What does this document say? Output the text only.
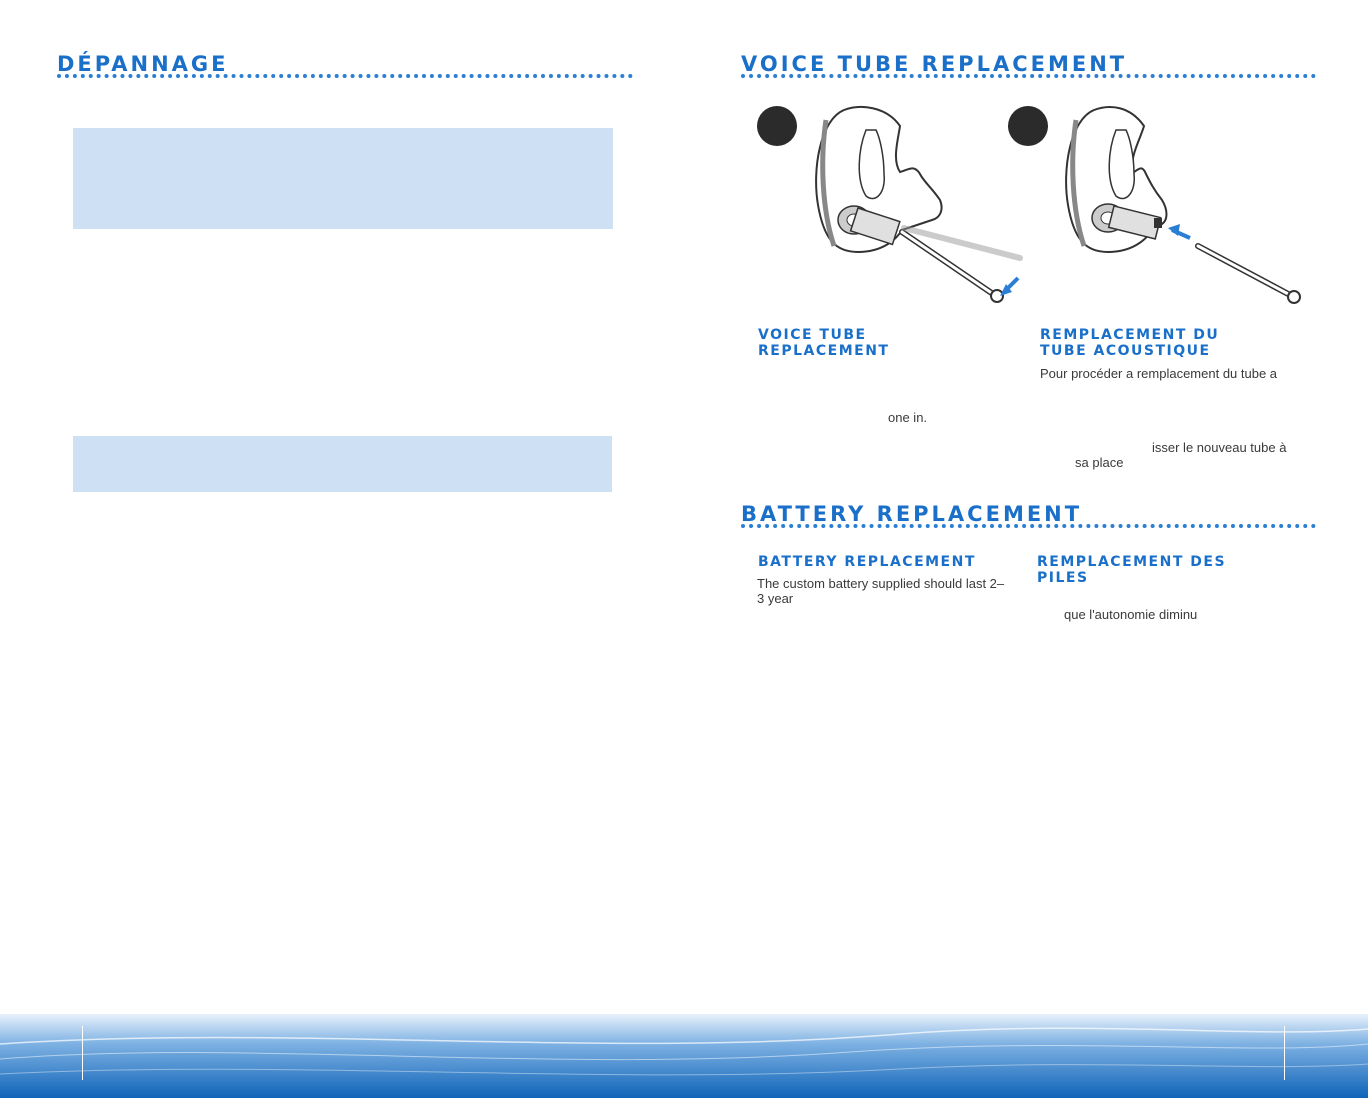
DÉPANNAGE	VOICE TUBE REPLACEMENT
VOICE TUBE REPLACEMENT

one in.

REMPLACEMENT DU TUBE ACOUSTIQUE

Pour procéder a remplacement du tube a

isser le nouveau tube à

sa place

BATTERY REPLACEMENT
BATTERY REPLACEMENT

The custom battery supplied should last 2–3 year

REMPLACEMENT DES PILES

que l'autonomie diminu
